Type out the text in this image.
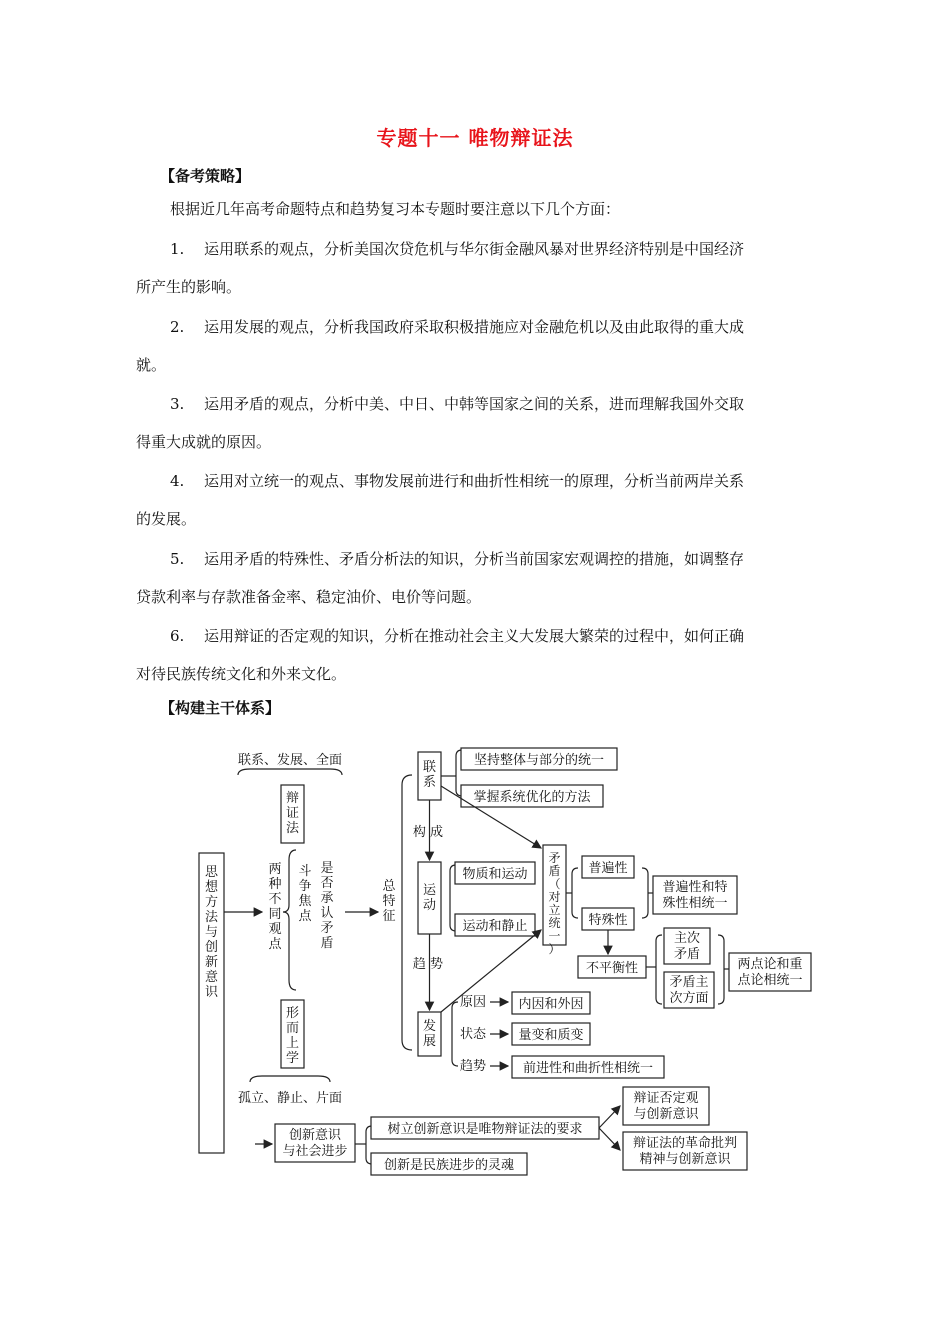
专题十一 唯物辩证法
【备考策略】
根据近几年高考命题特点和趋势复习本专题时要注意以下几个方面：
1. 运用联系的观点，分析美国次贷危机与华尔街金融风暴对世界经济特别是中国经济
所产生的影响。
2. 运用发展的观点，分析我国政府采取积极措施应对金融危机以及由此取得的重大成
就。
3. 运用矛盾的观点，分析中美、中日、中韩等国家之间的关系，进而理解我国外交取
得重大成就的原因。
4. 运用对立统一的观点、事物发展前进行和曲折性相统一的原理，分析当前两岸关系
的发展。
5. 运用矛盾的特殊性、矛盾分析法的知识，分析当前国家宏观调控的措施，如调整存
贷款利率与存款准备金率、稳定油价、电价等问题。
6. 运用辩证的否定观的知识，分析在推动社会主义大发展大繁荣的过程中，如何正确
对待民族传统文化和外来文化。
【构建主干体系】
思想方法与创新意识
联系、发展、全面
辩证法
两种不同观点
斗争焦点
是否承认矛盾
总特征
形而上学
孤立、静止、片面
联系
坚持整体与部分的统一
掌握系统优化的方法
构 成
运动
物质和运动
运动和静止
趋 势
发展
原因 内因和外因
状态 量变和质变
趋势	前进性和曲折性相统一
矛盾（对立统一）
普遍性
特殊性
普遍性和特殊性相统一
不平衡性
主次矛盾
矛盾主次方面
两点论和重点论相统一
创新意识与社会进步
树立创新意识是唯物辩证法的要求
创新是民族进步的灵魂
辩证否定观与创新意识
辩证法的革命批判精神与创新意识
